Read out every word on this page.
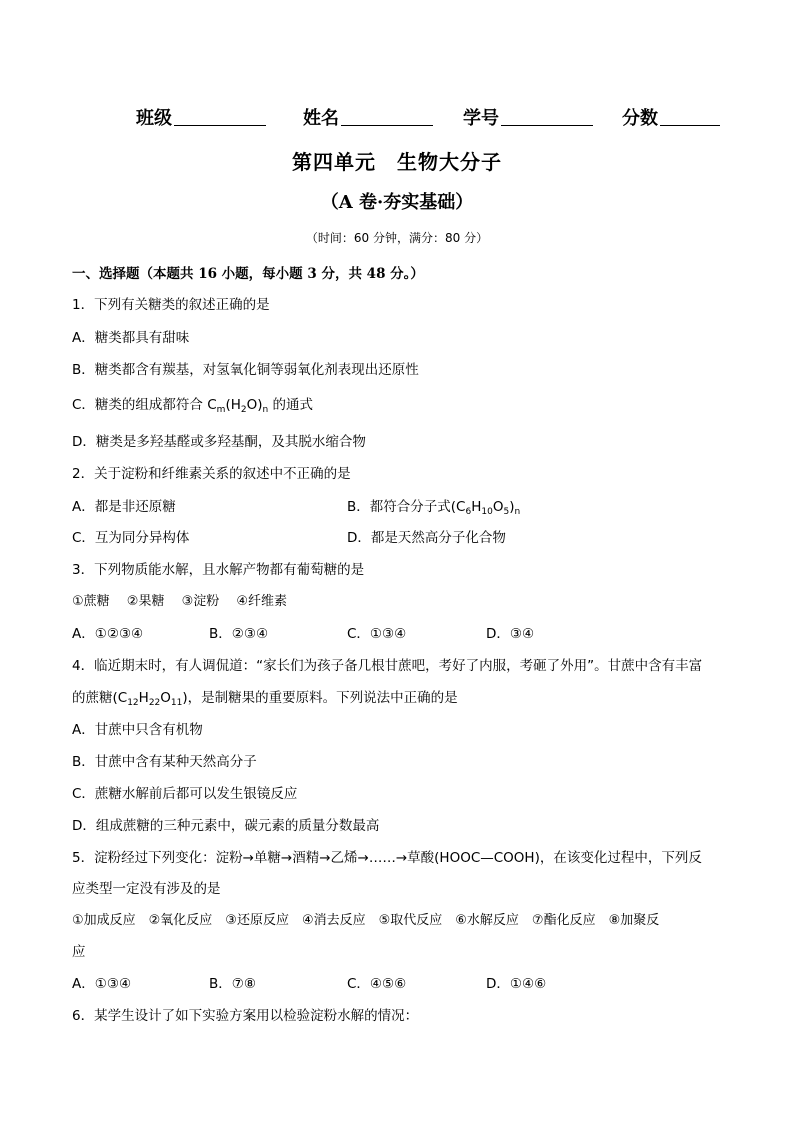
班级	姓名	学号	分数
第四单元　生物大分子
（A 卷·夯实基础）
（时间：60 分钟，满分：80 分）
一、选择题（本题共 16 小题，每小题 3 分，共 48 分。）
1．下列有关糖类的叙述正确的是
A．糖类都具有甜味
B．糖类都含有羰基，对氢氧化铜等弱氧化剂表现出还原性
C．糖类的组成都符合 $C_m(H_2O)_n$ 的通式
D．糖类是多羟基醛或多羟基酮，及其脱水缩合物
2．关于淀粉和纤维素关系的叙述中不正确的是
A．都是非还原糖	B．都符合分子式$(C_6H_{10}O_5)_n$
C．互为同分异构体	D．都是天然高分子化合物
3．下列物质能水解，且水解产物都有葡萄糖的是
①蔗糖　 ②果糖　 ③淀粉　 ④纤维素
A．①②③④	B．②③④	C．①③④	D．③④
4．临近期末时，有人调侃道：“家长们为孩子备几根甘蔗吧，考好了内服，考砸了外用”。甘蔗中含有丰富
的蔗糖$(C_{12}H_{22}O_{11})$，是制糖果的重要原料。下列说法中正确的是
A．甘蔗中只含有机物
B．甘蔗中含有某种天然高分子
C．蔗糖水解前后都可以发生银镜反应
D．组成蔗糖的三种元素中，碳元素的质量分数最高
5．淀粉经过下列变化：淀粉→单糖→酒精→乙烯→……→草酸(HOOC—COOH)，在该变化过程中，下列反
应类型一定没有涉及的是
①加成反应　②氧化反应　③还原反应　④消去反应　⑤取代反应　⑥水解反应　⑦酯化反应　⑧加聚反
应
A．①③④	B．⑦⑧	C．④⑤⑥	D．①④⑥
6．某学生设计了如下实验方案用以检验淀粉水解的情况：
